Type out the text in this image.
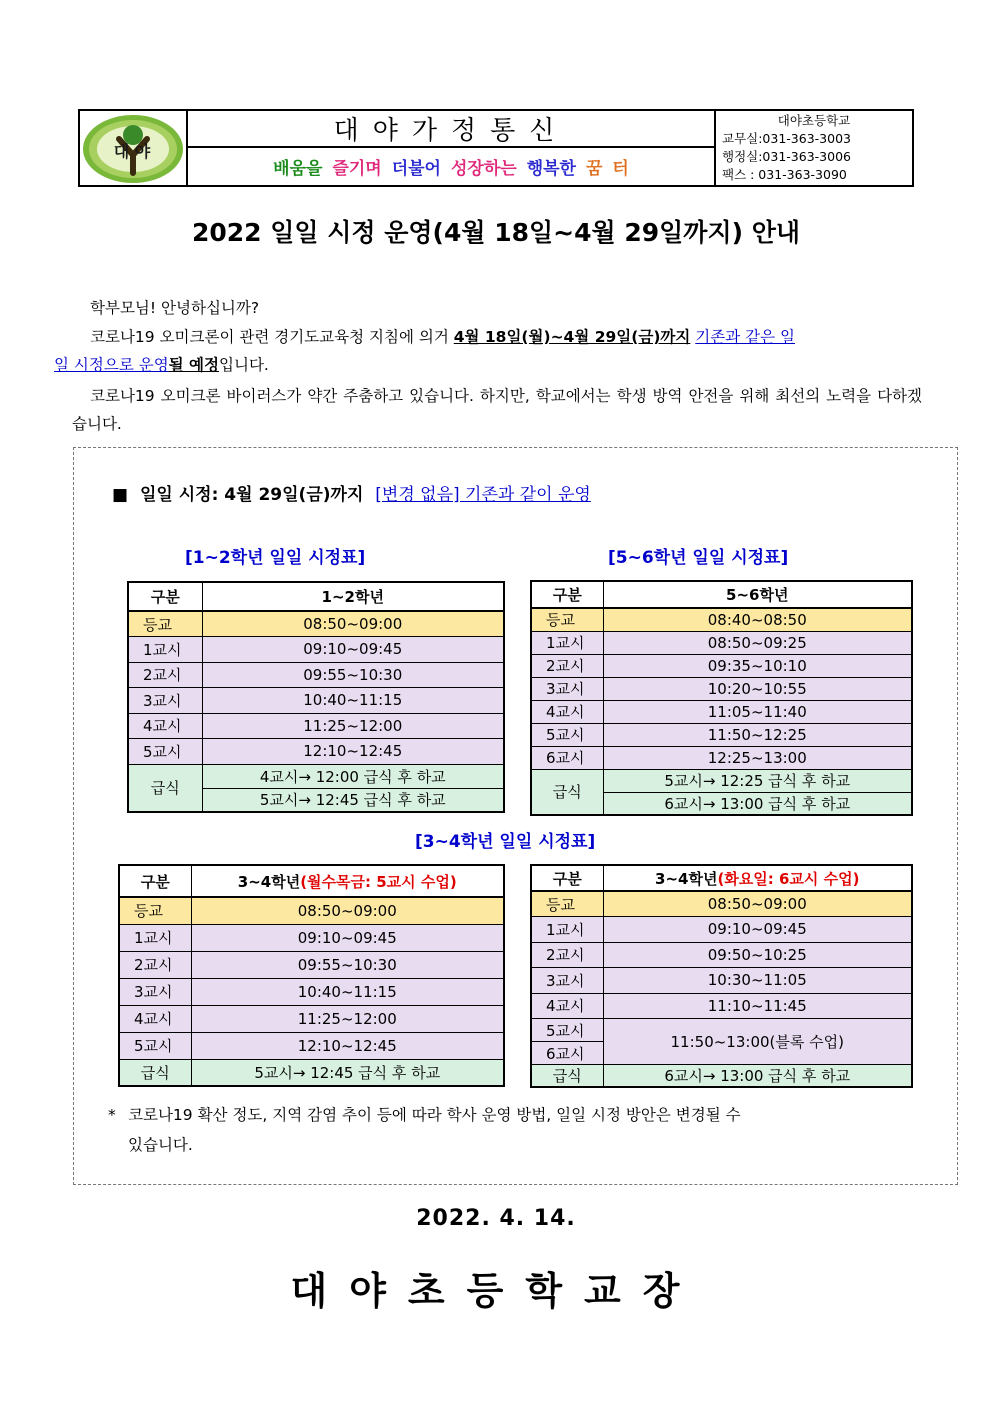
대 야
대야가정통신
배움을 즐기며 더불어 성장하는 행복한 꿈 터
대야초등학교
교무실:031-363-3003
행정실:031-363-3006
팩스 : 031-363-3090
2022 일일 시정 운영(4월 18일~4월 29일까지) 안내
학부모님! 안녕하십니까?
코로나19 오미크론이 관련 경기도교육청 지침에 의거 4월 18일(월)~4월 29일(금)까지 기존과 같은 일
일 시정으로 운영될 예정입니다.
코로나19 오미크론 바이러스가 약간 주춤하고 있습니다. 하지만, 학교에서는 학생 방역 안전을 위해 최선의 노력을 다하겠습니다.
■ 일일 시정: 4월 29일(금)까지 [변경 없음] 기존과 같이 운영
[1~2학년 일일 시정표]
구분	1~2학년
등교	08:50~09:00
1교시	09:10~09:45
2교시	09:55~10:30
3교시	10:40~11:15
4교시	11:25~12:00
5교시	12:10~12:45
급식	4교시→ 12:00 급식 후 하교
	5교시→ 12:45 급식 후 하교
[5~6학년 일일 시정표]
구분	5~6학년
등교	08:40~08:50
1교시	08:50~09:25
2교시	09:35~10:10
3교시	10:20~10:55
4교시	11:05~11:40
5교시	11:50~12:25
6교시	12:25~13:00
급식	5교시→ 12:25 급식 후 하교
	6교시→ 13:00 급식 후 하교
[3~4학년 일일 시정표]
구분	3~4학년(월수목금: 5교시 수업)
등교	08:50~09:00
1교시	09:10~09:45
2교시	09:55~10:30
3교시	10:40~11:15
4교시	11:25~12:00
5교시	12:10~12:45
급식	5교시→ 12:45 급식 후 하교
구분	3~4학년(화요일: 6교시 수업)
등교	08:50~09:00
1교시	09:10~09:45
2교시	09:50~10:25
3교시	10:30~11:05
4교시	11:10~11:45
5교시	11:50~13:00(블록 수업)
6교시	
급식	6교시→ 13:00 급식 후 하교
* 코로나19 확산 정도, 지역 감염 추이 등에 따라 학사 운영 방법, 일일 시정 방안은 변경될 수
있습니다.
2022. 4. 14.
대야초등학교장
